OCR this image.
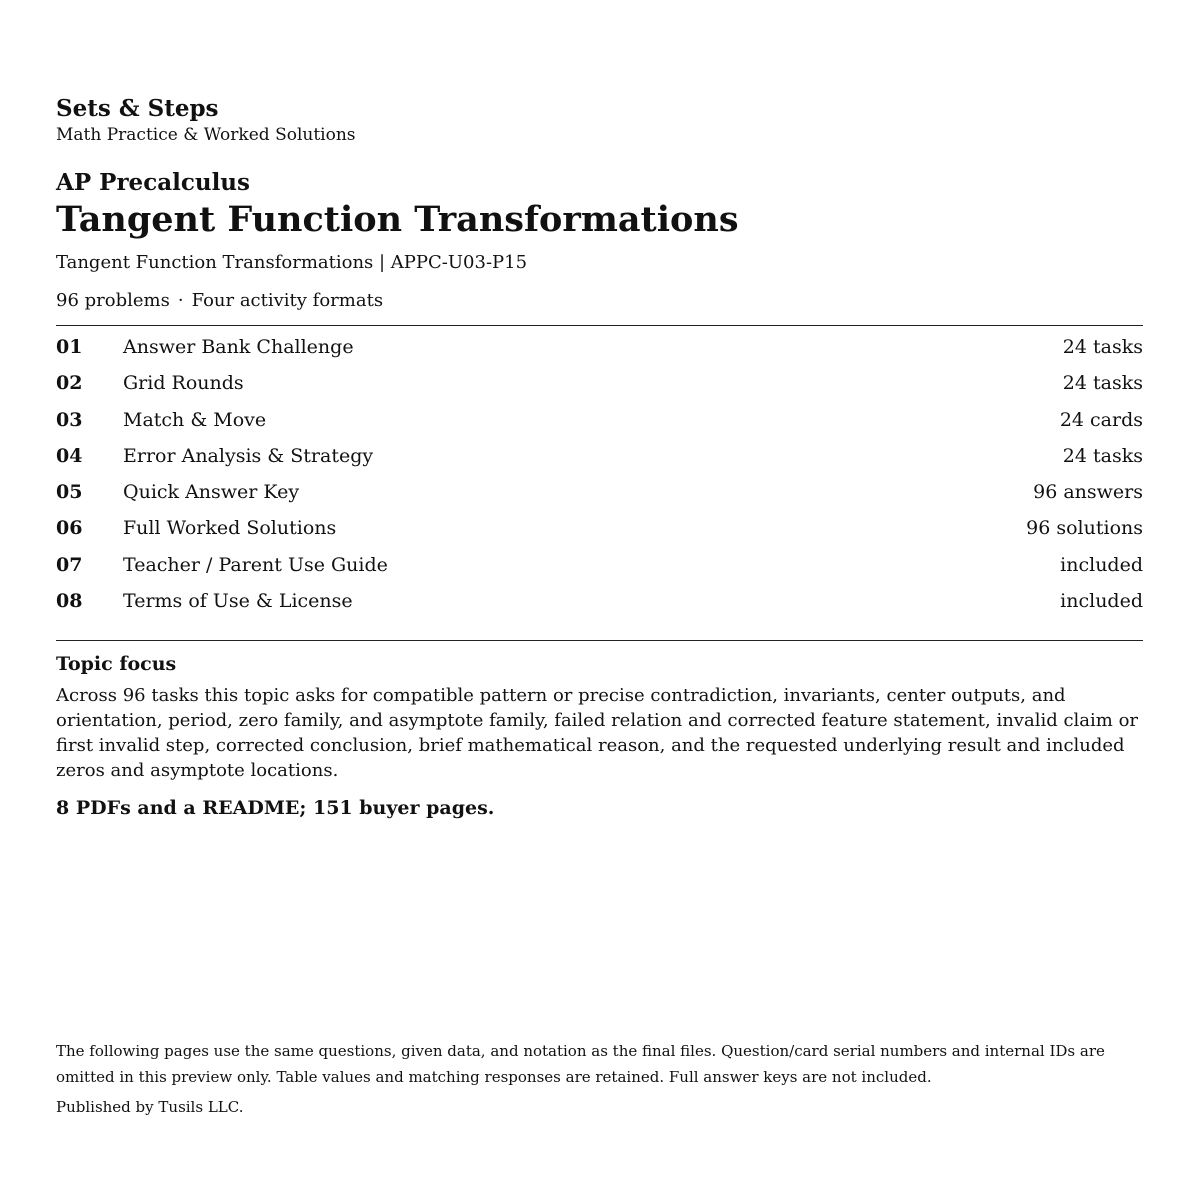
Sets & Steps

Math Practice & Worked Solutions

AP Precalculus

Tangent Function Transformations

Tangent Function Transformations | APPC-U03-P15

96 problems · Four activity formats

01	Answer Bank Challenge	24 tasks
02	Grid Rounds	24 tasks
03	Match & Move	24 cards
04	Error Analysis & Strategy	24 tasks
05	Quick Answer Key	96 answers
06	Full Worked Solutions	96 solutions
07	Teacher / Parent Use Guide	included
08	Terms of Use & License	included

Topic focus

Across 96 tasks this topic asks for compatible pattern or precise contradiction, invariants, center outputs, and orientation, period, zero family, and asymptote family, failed relation and corrected feature statement, invalid claim or first invalid step, corrected conclusion, brief mathematical reason, and the requested underlying result and included zeros and asymptote locations.

8 PDFs and a README; 151 buyer pages.

The following pages use the same questions, given data, and notation as the final files. Question/card serial numbers and internal IDs are omitted in this preview only. Table values and matching responses are retained. Full answer keys are not included.

Published by Tusils LLC.
